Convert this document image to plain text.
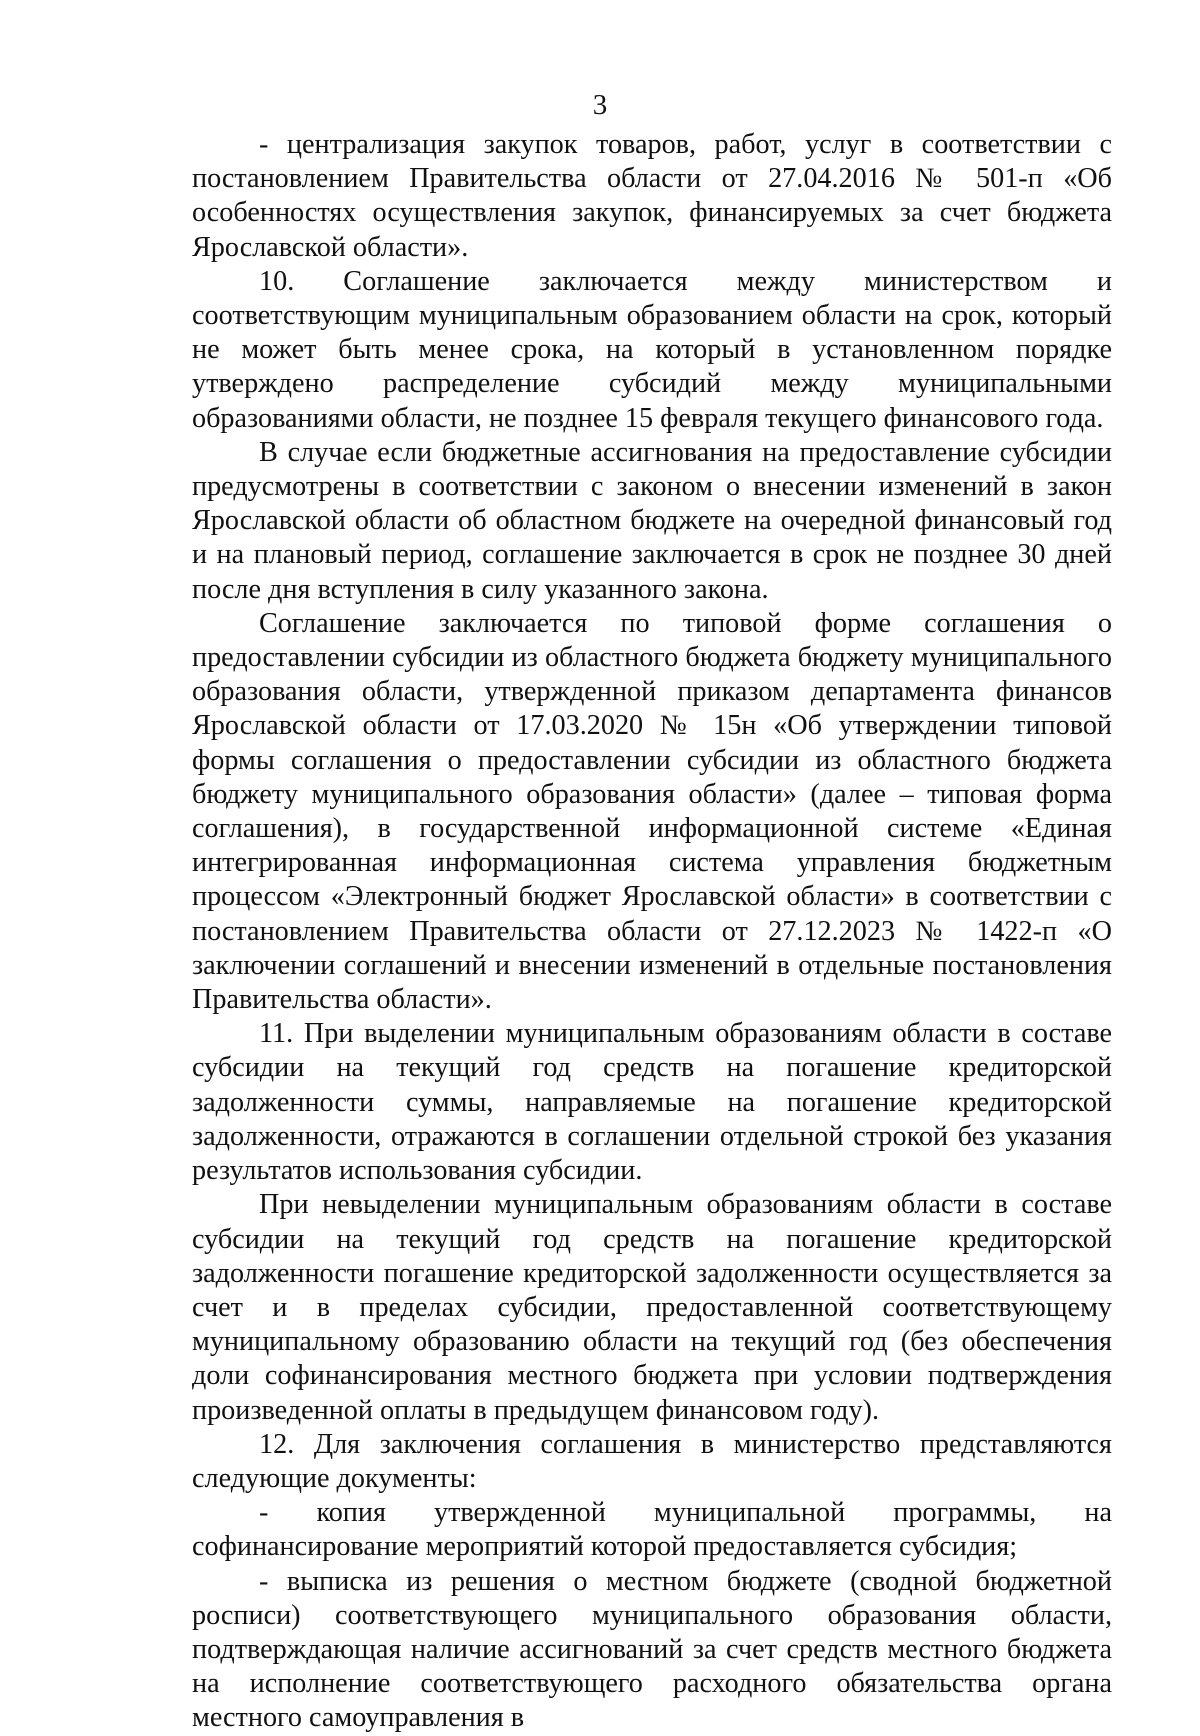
3

- централизация закупок товаров, работ, услуг в соответствии с постановлением Правительства области от 27.04.2016 № 501-п «Об особенностях осуществления закупок, финансируемых за счет бюджета Ярославской области».

10. Соглашение заключается между министерством и соответствующим муниципальным образованием области на срок, который не может быть менее срока, на который в установленном порядке утверждено распределение субсидий между муниципальными образованиями области, не позднее 15 февраля текущего финансового года.

В случае если бюджетные ассигнования на предоставление субсидии предусмотрены в соответствии с законом о внесении изменений в закон Ярославской области об областном бюджете на очередной финансовый год и на плановый период, соглашение заключается в срок не позднее 30 дней после дня вступления в силу указанного закона.

Соглашение заключается по типовой форме соглашения о предоставлении субсидии из областного бюджета бюджету муниципального образования области, утвержденной приказом департамента финансов Ярославской области от 17.03.2020 № 15н «Об утверждении типовой формы соглашения о предоставлении субсидии из областного бюджета бюджету муниципального образования области» (далее – типовая форма соглашения), в государственной информационной системе «Единая интегрированная информационная система управления бюджетным процессом «Электронный бюджет Ярославской области» в соответствии с постановлением Правительства области от 27.12.2023 № 1422-п «О заключении соглашений и внесении изменений в отдельные постановления Правительства области».

11. При выделении муниципальным образованиям области в составе субсидии на текущий год средств на погашение кредиторской задолженности суммы, направляемые на погашение кредиторской задолженности, отражаются в соглашении отдельной строкой без указания результатов использования субсидии.

При невыделении муниципальным образованиям области в составе субсидии на текущий год средств на погашение кредиторской задолженности погашение кредиторской задолженности осуществляется за счет и в пределах субсидии, предоставленной соответствующему муниципальному образованию области на текущий год (без обеспечения доли софинансирования местного бюджета при условии подтверждения произведенной оплаты в предыдущем финансовом году).

12. Для заключения соглашения в министерство представляются следующие документы:

- копия утвержденной муниципальной программы, на софинансирование мероприятий которой предоставляется субсидия;

- выписка из решения о местном бюджете (сводной бюджетной росписи) соответствующего муниципального образования области, подтверждающая наличие ассигнований за счет средств местного бюджета на исполнение соответствующего расходного обязательства органа местного самоуправления в
